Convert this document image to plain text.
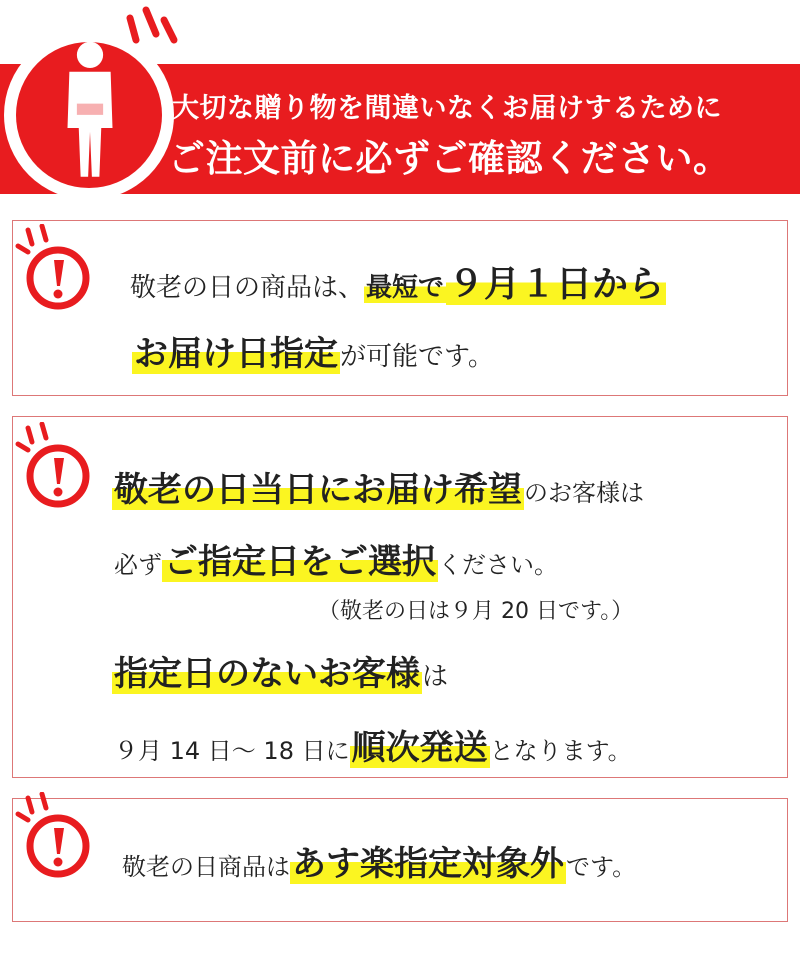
大切な贈り物を間違いなくお届けするために
ご注文前に必ずご確認ください。
敬老の日の商品は、最短で ９月１日から
お届け日指定が可能です。
敬老の日当日にお届け希望のお客様は
必ずご指定日をご選択ください。
（敬老の日は９月 20 日です。）
指定日のないお客様は
９月 14 日～ 18 日に順次発送となります。
敬老の日商品はあす楽指定対象外です。
